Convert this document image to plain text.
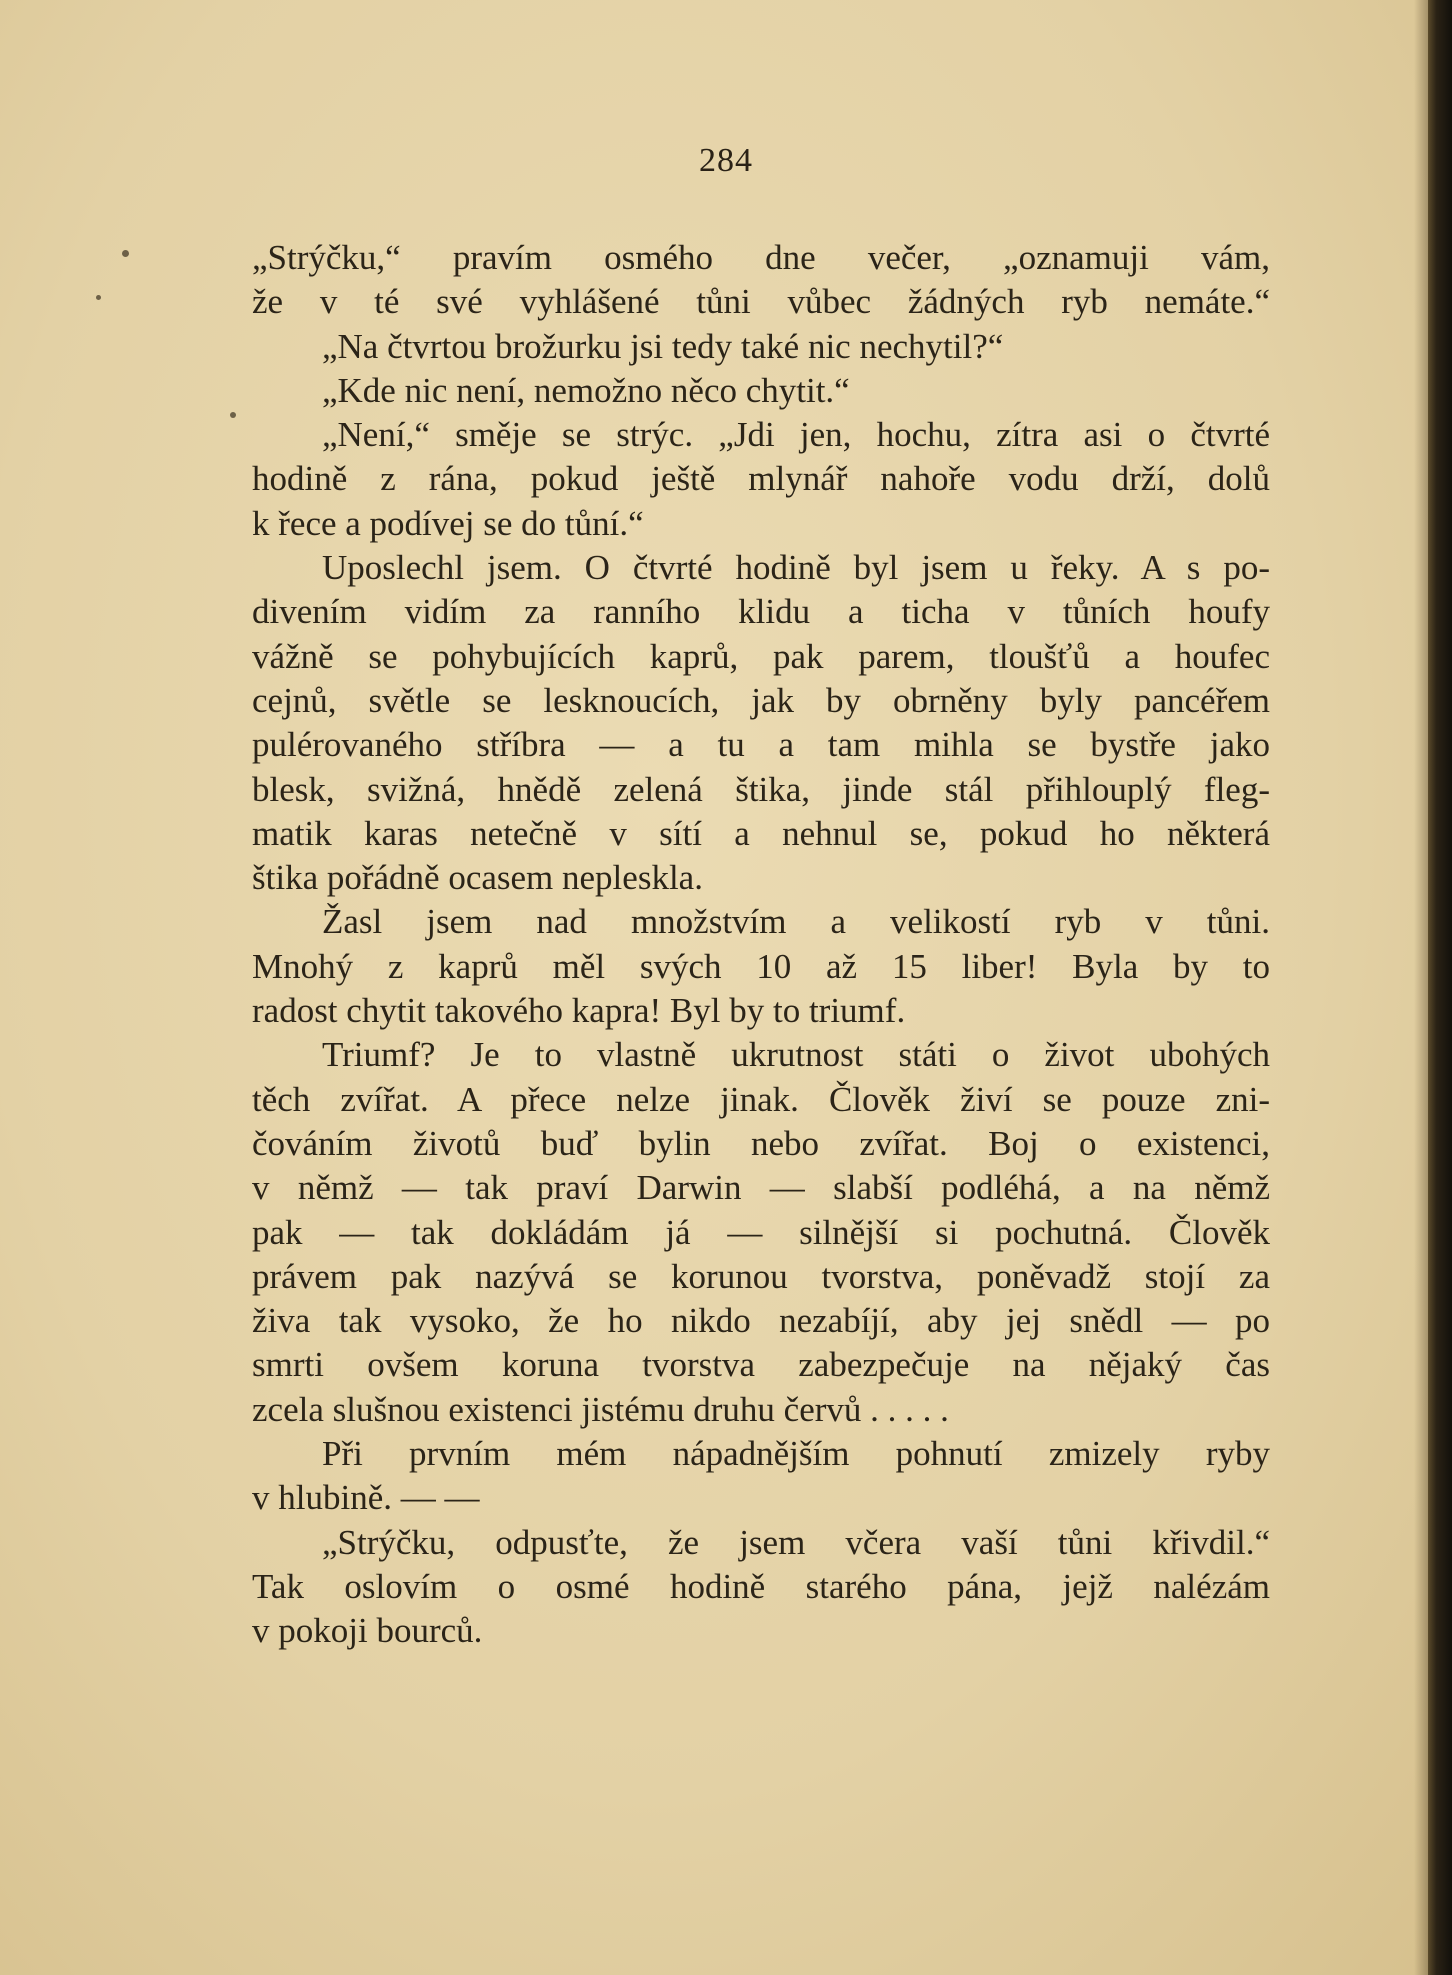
284
„Strýčku,“ pravím osmého dne večer, „oznamuji vám,
že v té své vyhlášené tůni vůbec žádných ryb nemáte.“
„Na čtvrtou brožurku jsi tedy také nic nechytil?“
„Kde nic není, nemožno něco chytit.“
„Není,“ směje se strýc. „Jdi jen, hochu, zítra asi o čtvrté
hodině z rána, pokud ještě mlynář nahoře vodu drží, dolů
k řece a podívej se do tůní.“
Uposlechl jsem. O čtvrté hodině byl jsem u řeky. A s po-
divením vidím za ranního klidu a ticha v tůních houfy
vážně se pohybujících kaprů, pak parem, tloušťů a houfec
cejnů, světle se lesknoucích, jak by obrněny byly pancéřem
pulérovaného stříbra — a tu a tam mihla se bystře jako
blesk, svižná, hnědě zelená štika, jinde stál přihlouplý fleg-
matik karas netečně v sítí a nehnul se, pokud ho některá
štika pořádně ocasem nepleskla.
Žasl jsem nad množstvím a velikostí ryb v tůni.
Mnohý z kaprů měl svých 10 až 15 liber! Byla by to
radost chytit takového kapra! Byl by to triumf.
Triumf? Je to vlastně ukrutnost státi o život ubohých
těch zvířat. A přece nelze jinak. Člověk živí se pouze zni-
čováním životů buď bylin nebo zvířat. Boj o existenci,
v němž — tak praví Darwin — slabší podléhá, a na němž
pak — tak dokládám já — silnější si pochutná. Člověk
právem pak nazývá se korunou tvorstva, poněvadž stojí za
živa tak vysoko, že ho nikdo nezabíjí, aby jej snědl — po
smrti ovšem koruna tvorstva zabezpečuje na nějaký čas
zcela slušnou existenci jistému druhu červů . . . . .
Při prvním mém nápadnějším pohnutí zmizely ryby
v hlubině. — —
„Strýčku, odpusťte, že jsem včera vaší tůni křivdil.“
Tak oslovím o osmé hodině starého pána, jejž nalézám
v pokoji bourců.
